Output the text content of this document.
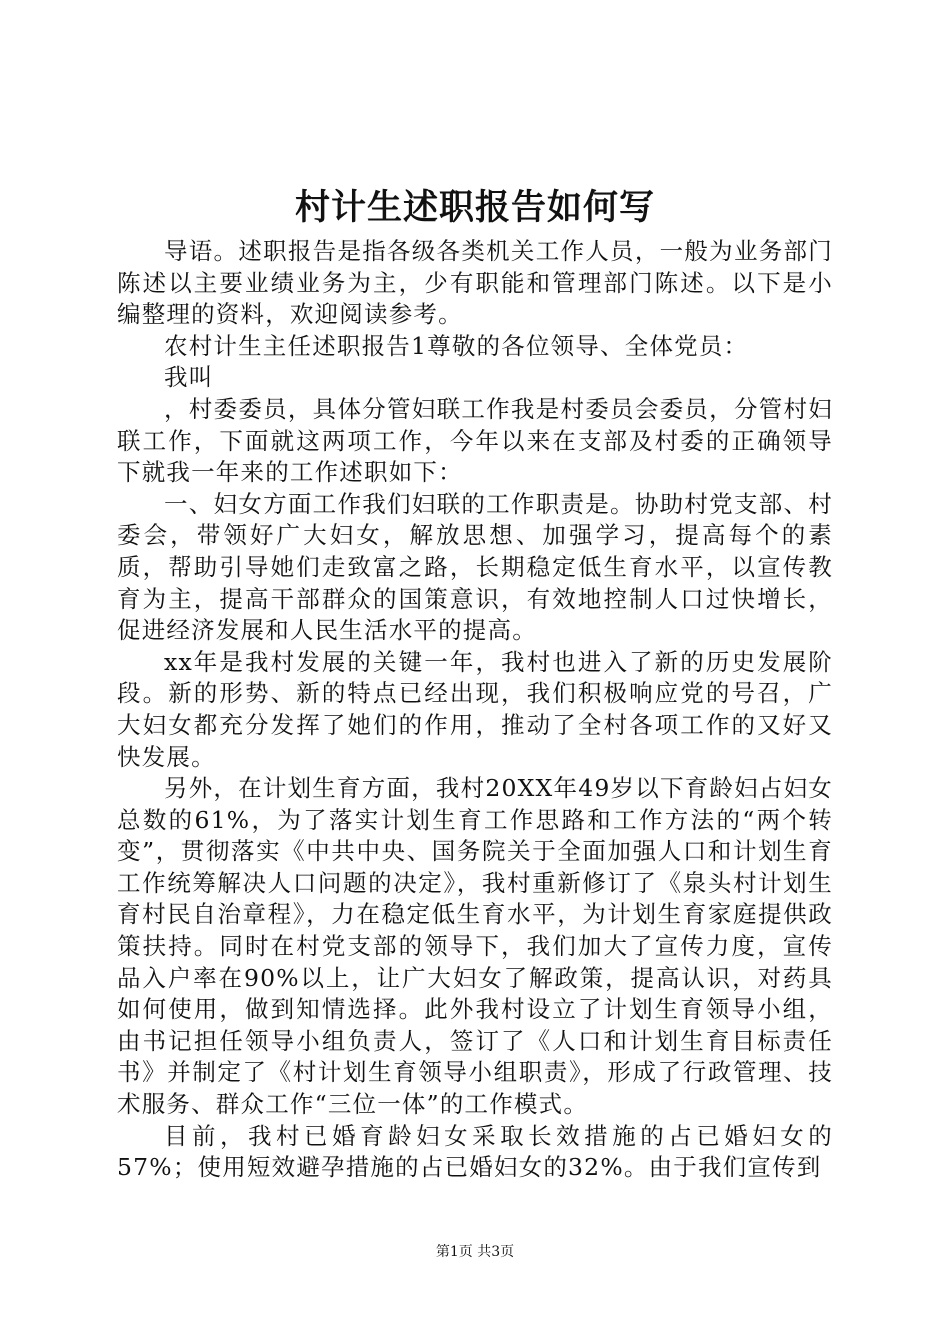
村计生述职报告如何写

导语。述职报告是指各级各类机关工作人员，一般为业务部门陈述以主要业绩业务为主，少有职能和管理部门陈述。以下是小编整理的资料，欢迎阅读参考。

农村计生主任述职报告1尊敬的各位领导、全体党员：

我叫

，村委委员，具体分管妇联工作我是村委员会委员，分管村妇联工作，下面就这两项工作，今年以来在支部及村委的正确领导下就我一年来的工作述职如下：

一、妇女方面工作我们妇联的工作职责是。协助村党支部、村委会，带领好广大妇女，解放思想、加强学习，提高每个的素质，帮助引导她们走致富之路，长期稳定低生育水平，以宣传教育为主，提高干部群众的国策意识，有效地控制人口过快增长，促进经济发展和人民生活水平的提高。

xx年是我村发展的关键一年，我村也进入了新的历史发展阶段。新的形势、新的特点已经出现，我们积极响应党的号召，广大妇女都充分发挥了她们的作用，推动了全村各项工作的又好又快发展。

另外，在计划生育方面，我村20XX年49岁以下育龄妇占妇女总数的61%，为了落实计划生育工作思路和工作方法的“两个转变”，贯彻落实《中共中央、国务院关于全面加强人口和计划生育工作统筹解决人口问题的决定》，我村重新修订了《泉头村计划生育村民自治章程》，力在稳定低生育水平，为计划生育家庭提供政策扶持。同时在村党支部的领导下，我们加大了宣传力度，宣传品入户率在90%以上，让广大妇女了解政策，提高认识，对药具如何使用，做到知情选择。此外我村设立了计划生育领导小组，由书记担任领导小组负责人，签订了《人口和计划生育目标责任书》并制定了《村计划生育领导小组职责》，形成了行政管理、技术服务、群众工作“三位一体”的工作模式。

目前，我村已婚育龄妇女采取长效措施的占已婚妇女的57%；使用短效避孕措施的占已婚妇女的32%。由于我们宣传到

第1页 共3页
